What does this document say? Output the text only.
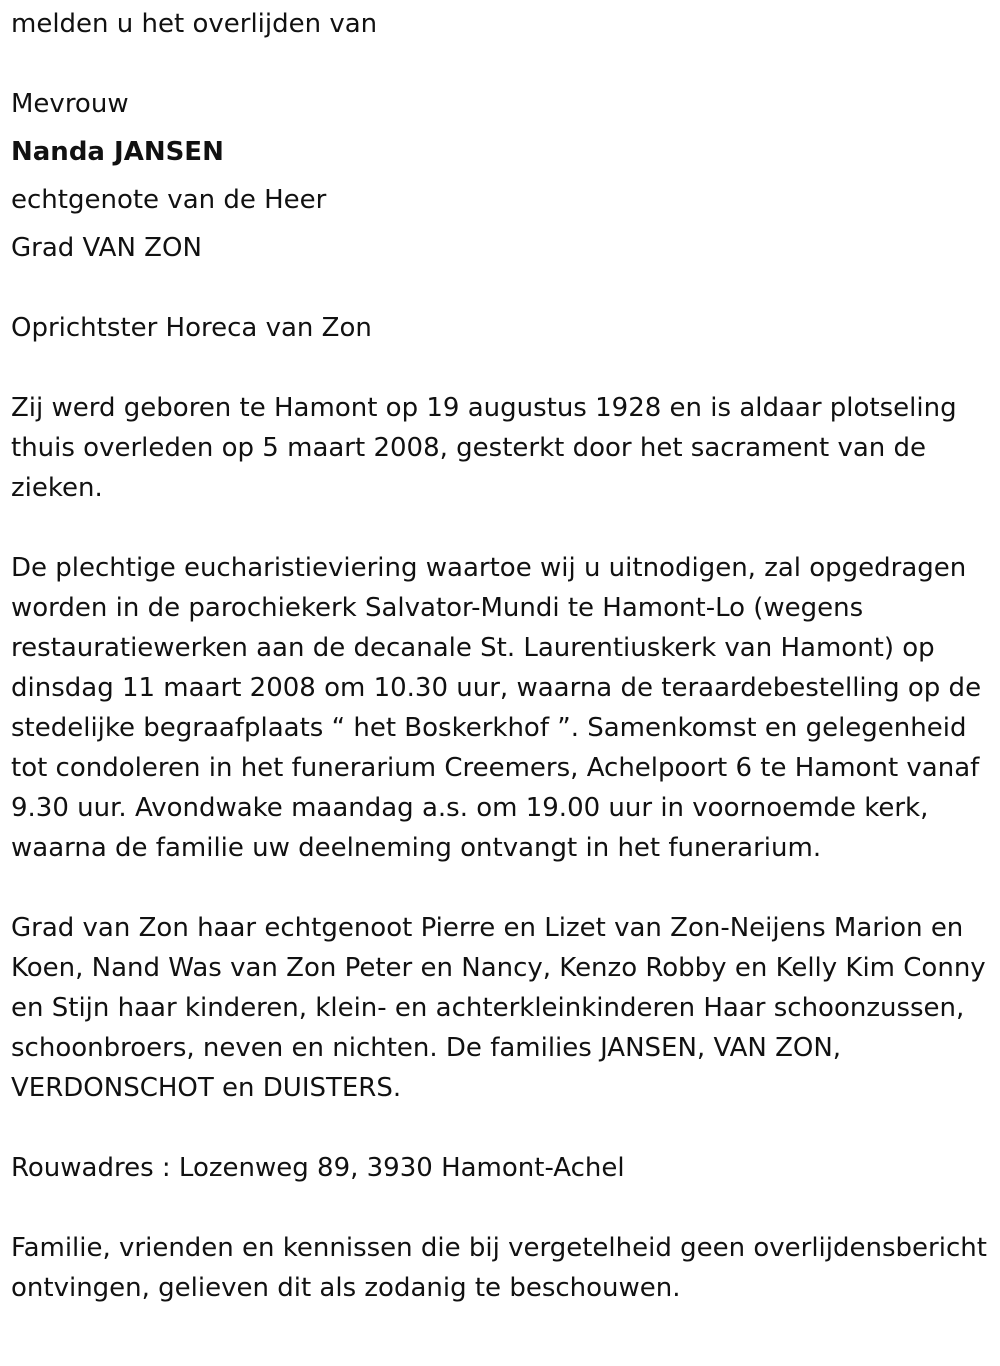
melden u het overlijden van

Mevrouw

Nanda JANSEN

echtgenote van de Heer

Grad VAN ZON

Oprichtster Horeca van Zon

Zij werd geboren te Hamont op 19 augustus 1928 en is aldaar plotseling thuis overleden op 5 maart 2008, gesterkt door het sacrament van de zieken.

De plechtige eucharistieviering waartoe wij u uitnodigen, zal opgedragen worden in de parochiekerk Salvator-Mundi te Hamont-Lo (wegens restauratiewerken aan de decanale St. Laurentiuskerk van Hamont) op dinsdag 11 maart 2008 om 10.30 uur, waarna de teraardebestelling op de stedelijke begraafplaats “ het Boskerkhof ”. Samenkomst en gelegenheid tot condoleren in het funerarium Creemers, Achelpoort 6 te Hamont vanaf 9.30 uur. Avondwake maandag a.s. om 19.00 uur in voornoemde kerk, waarna de familie uw deelneming ontvangt in het funerarium.

Grad van Zon haar echtgenoot Pierre en Lizet van Zon-Neijens Marion en Koen, Nand Was van Zon Peter en Nancy, Kenzo Robby en Kelly Kim Conny en Stijn haar kinderen, klein- en achterkleinkinderen Haar schoonzussen, schoonbroers, neven en nichten. De families JANSEN, VAN ZON, VERDONSCHOT en DUISTERS.

Rouwadres : Lozenweg 89, 3930 Hamont-Achel

Familie, vrienden en kennissen die bij vergetelheid geen overlijdensbericht ontvingen, gelieven dit als zodanig te beschouwen.
